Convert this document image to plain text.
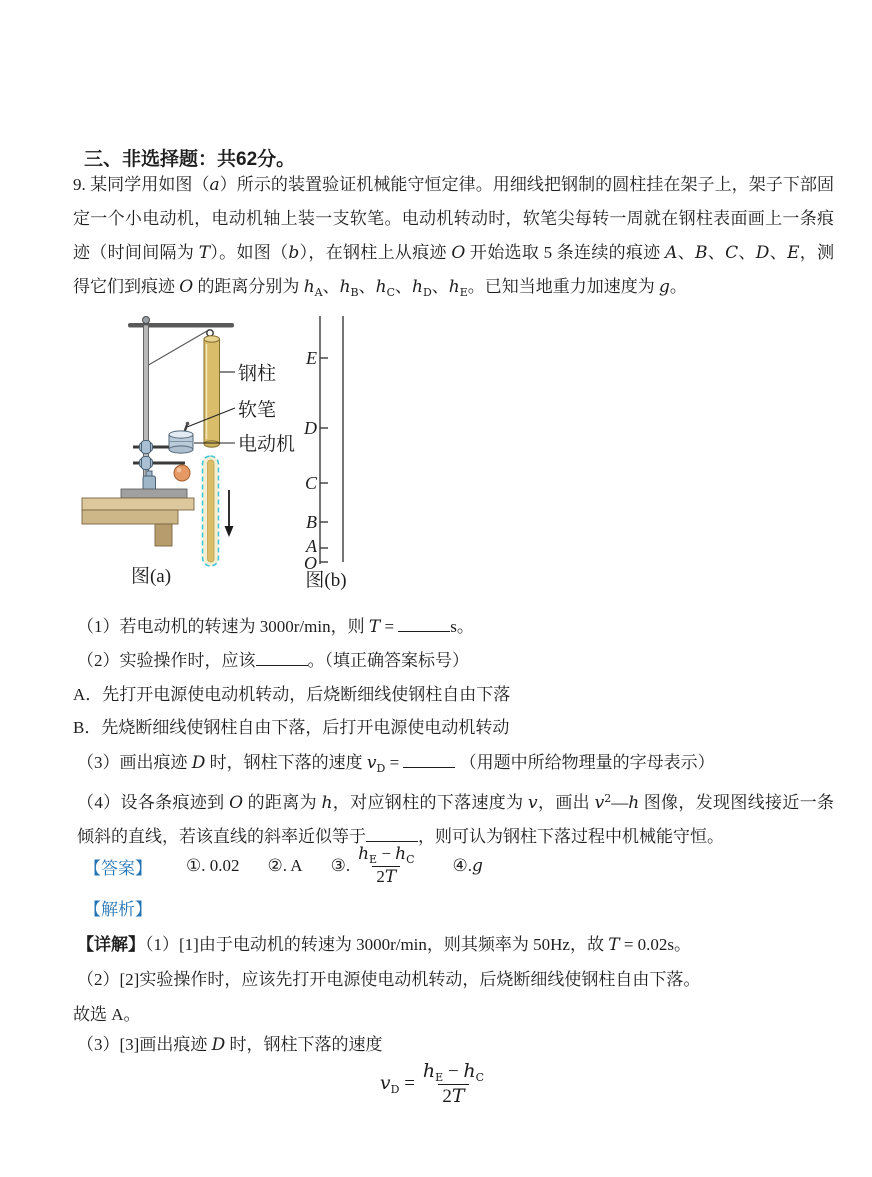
三、非选择题：共62分。
9. 某同学用如图（a）所示的装置验证机械能守恒定律。用细线把钢制的圆柱挂在架子上，架子下部固定一个小电动机，电动机轴上装一支软笔。电动机转动时，软笔尖每转一周就在钢柱表面画上一条痕迹（时间间隔为 T）。如图（b），在钢柱上从痕迹 O 开始选取 5 条连续的痕迹 A、B、C、D、E，测得它们到痕迹 O 的距离分别为 $h_A$、$h_B$、$h_C$、$h_D$、$h_E$。已知当地重力加速度为 g。
钢柱
软笔
电动机
图(a)
E
D
C
B
A
O
图(b)
（1）若电动机的转速为 3000r/min，则 T =	s。
（2）实验操作时，应该	。（填正确答案标号）
A．先打开电源使电动机转动，后烧断细线使钢柱自由下落
B．先烧断细线使钢柱自由下落，后打开电源使电动机转动
（3）画出痕迹 D 时，钢柱下落的速度 $v_D$ =	（用题中所给物理量的字母表示）
（4）设各条痕迹到 O 的距离为 h，对应钢柱的下落速度为 v，画出 $v^2—h$ 图像，发现图线接近一条倾斜的直线，若该直线的斜率近似等于	，则可认为钢柱下落过程中机械能守恒。
【答案】 ①. 0.02 ②. A ③. $\frac{h_E - h_C}{2T}$ ④. g
【解析】
【详解】（1）[1]由于电动机的转速为 3000r/min，则其频率为 50Hz，故 T = 0.02s。
（2）[2]实验操作时，应该先打开电源使电动机转动，后烧断细线使钢柱自由下落。
故选 A。
（3）[3]画出痕迹 D 时，钢柱下落的速度
$v_D = \frac{h_E - h_C}{2T}$
